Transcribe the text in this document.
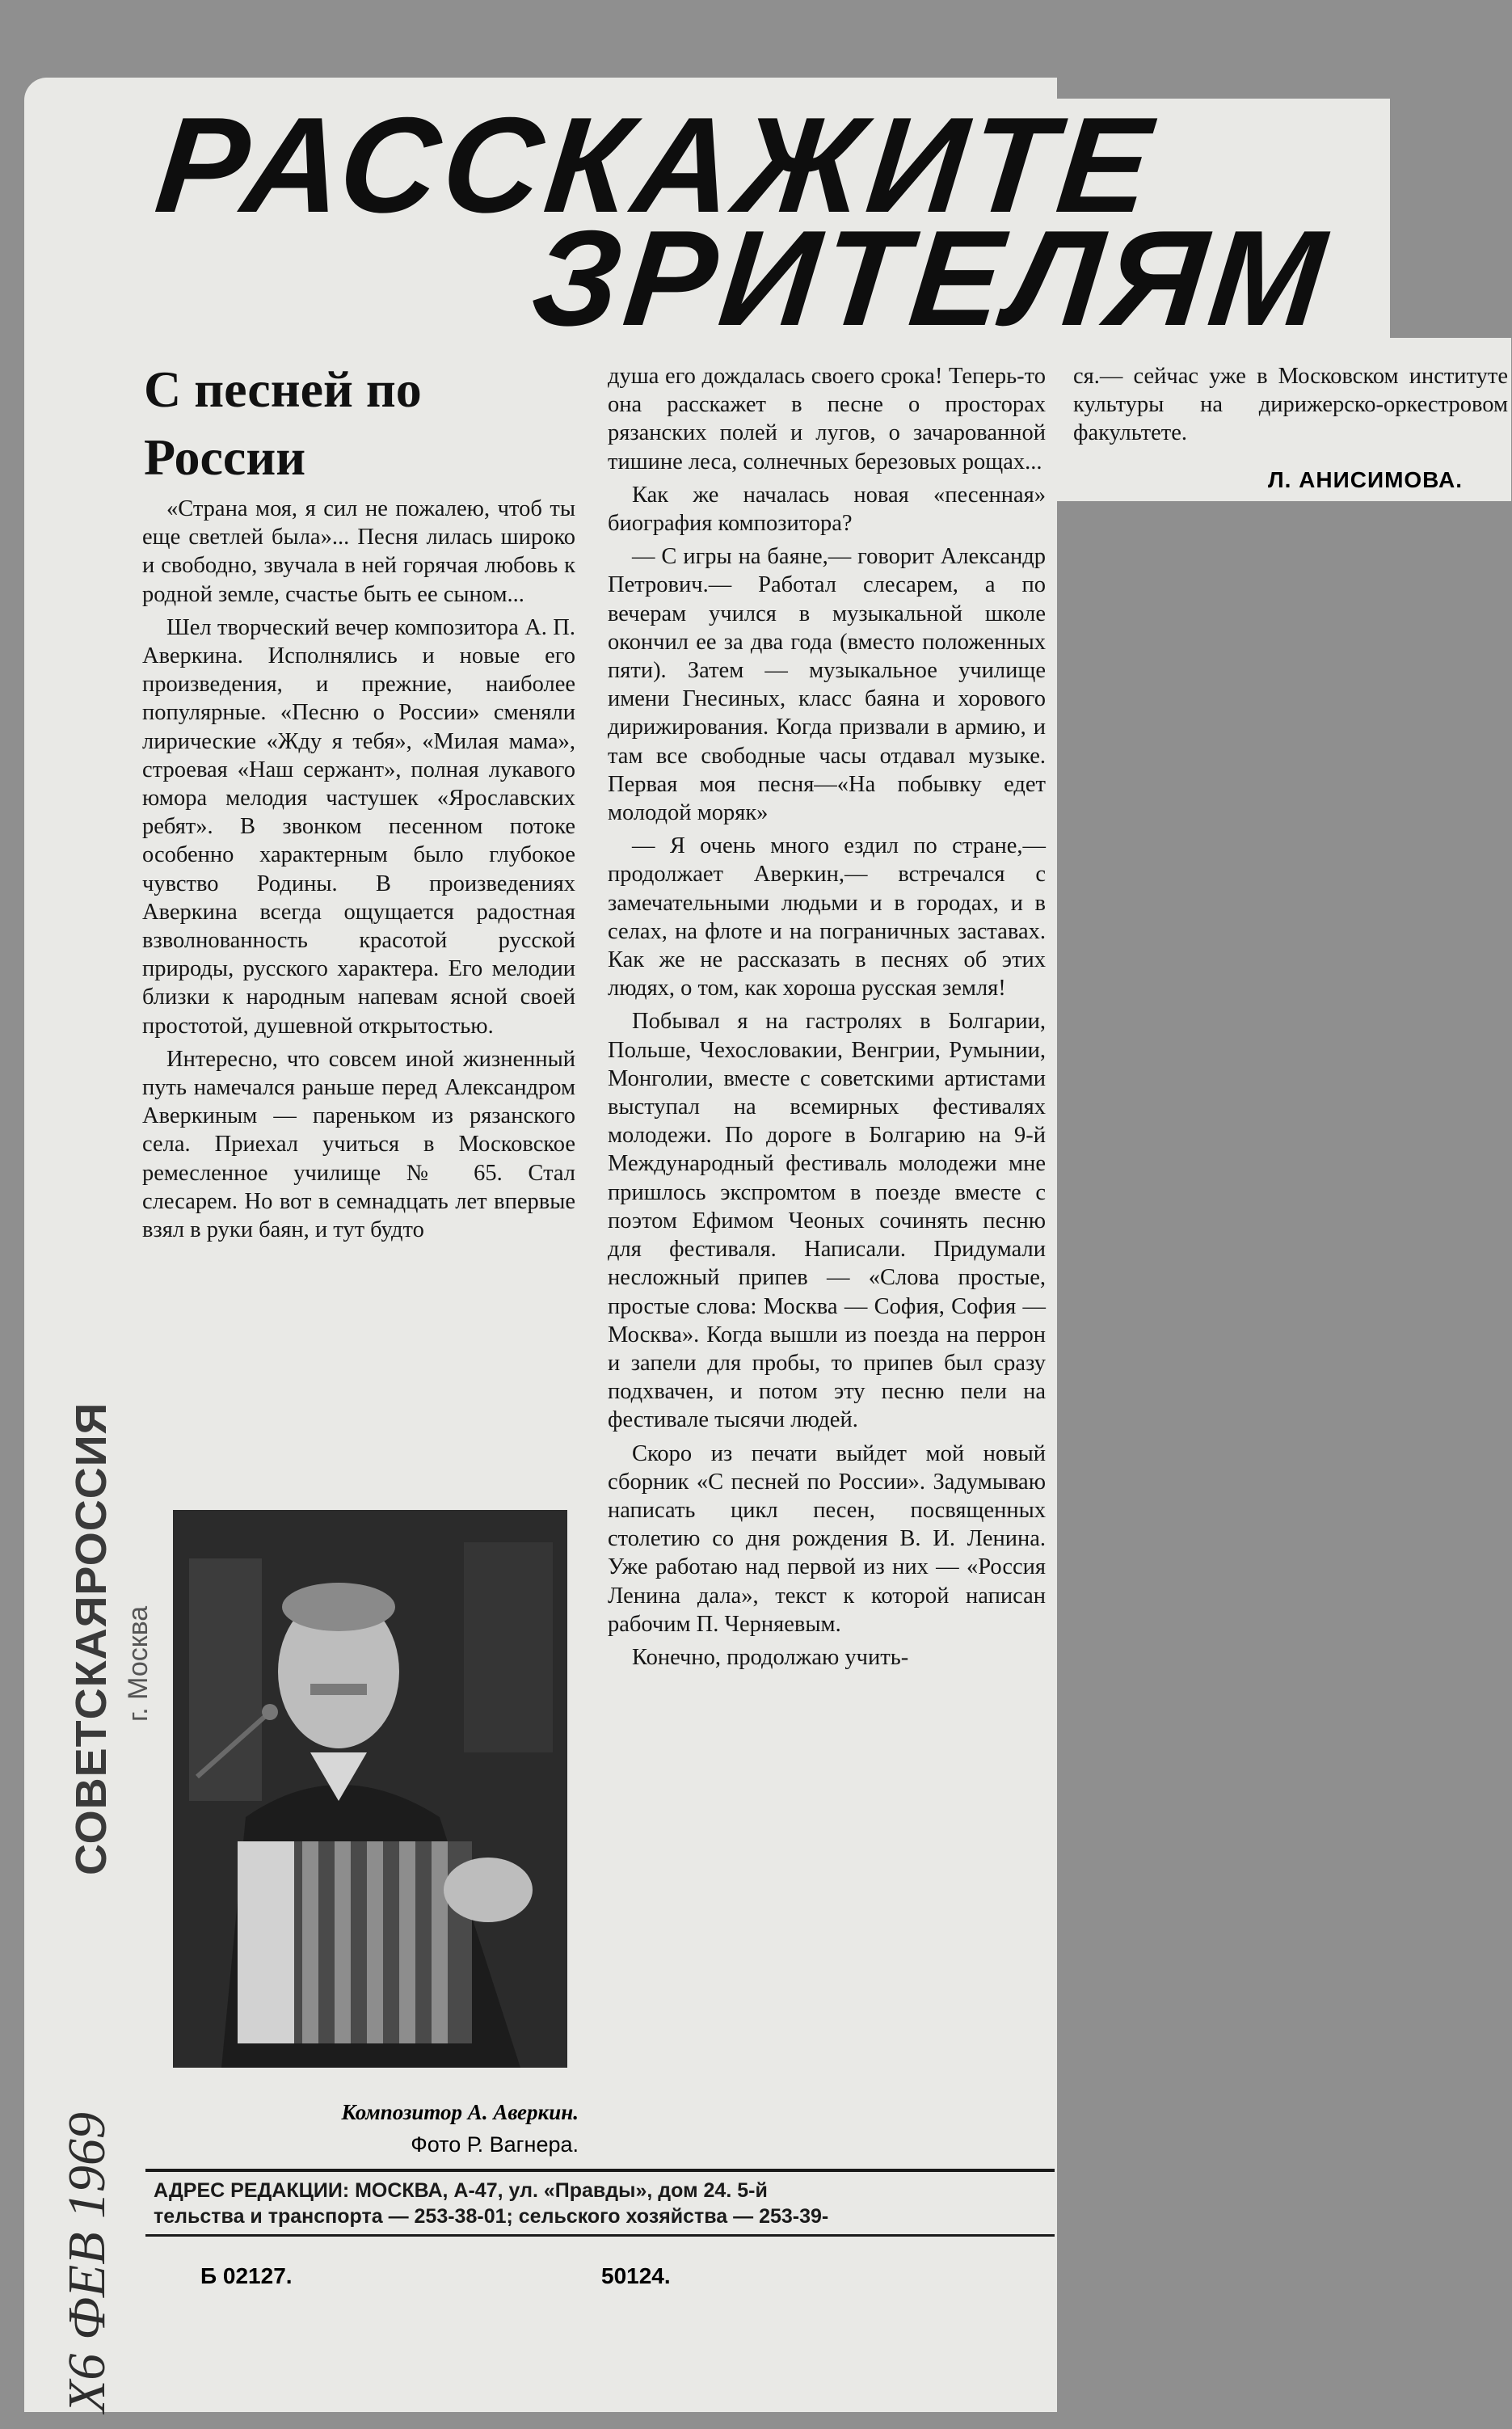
РАССКАЖИТЕ
ЗРИТЕЛЯМ
С песней по России

«Страна моя, я сил не пожалею, чтоб ты еще светлей была»... Песня лилась широко и свободно, звучала в ней горячая любовь к родной земле, счастье быть ее сыном...

Шел творческий вечер композитора А. П. Аверкина. Исполнялись и новые его произведения, и прежние, наиболее популярные. «Песню о России» сменяли лирические «Жду я тебя», «Милая мама», строевая «Наш сержант», полная лукавого юмора мелодия частушек «Ярославских ребят». В звонком песенном потоке особенно характерным было глубокое чувство Родины. В произведениях Аверкина всегда ощущается радостная взволнованность красотой русской природы, русского характера. Его мелодии близки к народным напевам ясной своей простотой, душевной открытостью.

Интересно, что совсем иной жизненный путь намечался раньше перед Александром Аверкиным — пареньком из рязанского села. Приехал учиться в Московское ремесленное училище № 65. Стал слесарем. Но вот в семнадцать лет впервые взял в руки баян, и тут будто

душа его дождалась своего срока! Теперь-то она расскажет в песне о просторах рязанских полей и лугов, о зачарованной тишине леса, солнечных березовых рощах...

Как же началась новая «песенная» биография композитора?

— С игры на баяне,— говорит Александр Петрович.— Работал слесарем, а по вечерам учился в музыкальной школе окончил ее за два года (вместо положенных пяти). Затем — музыкальное училище имени Гнесиных, класс баяна и хорового дирижирования. Когда призвали в армию, и там все свободные часы отдавал музыке. Первая моя песня—«На побывку едет молодой моряк»

— Я очень много ездил по стране,— продолжает Аверкин,— встречался с замечательными людьми и в городах, и в селах, на флоте и на пограничных заставах. Как же не рассказать в песнях об этих людях, о том, как хороша русская земля!

Побывал я на гастролях в Болгарии, Польше, Чехословакии, Венгрии, Румынии, Монголии, вместе с советскими артистами выступал на всемирных фестивалях молодежи. По дороге в Болгарию на 9-й Международный фестиваль молодежи мне пришлось экспромтом в поезде вместе с поэтом Ефимом Чеоных сочинять песню для фестиваля. Написали. Придумали несложный припев — «Слова простые, простые слова: Москва — София, София — Москва». Когда вышли из поезда на перрон и запели для пробы, то припев был сразу подхвачен, и потом эту песню пели на фестивале тысячи людей.

Скоро из печати выйдет мой новый сборник «С песней по России». Задумываю написать цикл песен, посвященных столетию со дня рождения В. И. Ленина. Уже работаю над первой из них — «Россия Ленина дала», текст к которой написан рабочим П. Черняевым.

Конечно, продолжаю учить-

ся.— сейчас уже в Московском институте культуры на дирижерско-оркестровом факультете.

Л. АНИСИМОВА.
Композитор А. Аверкин.
Фото Р. Вагнера.
АДРЕС РЕДАКЦИИ: МОСКВА, А-47, ул. «Правды», дом 24. 5-й
тельства и транспорта — 253-38-01; сельского хозяйства — 253-39-
Б 02127.	50124.
СОВЕТСКАЯРОССИЯ г. Москва
Х6 ФЕВ 1969
